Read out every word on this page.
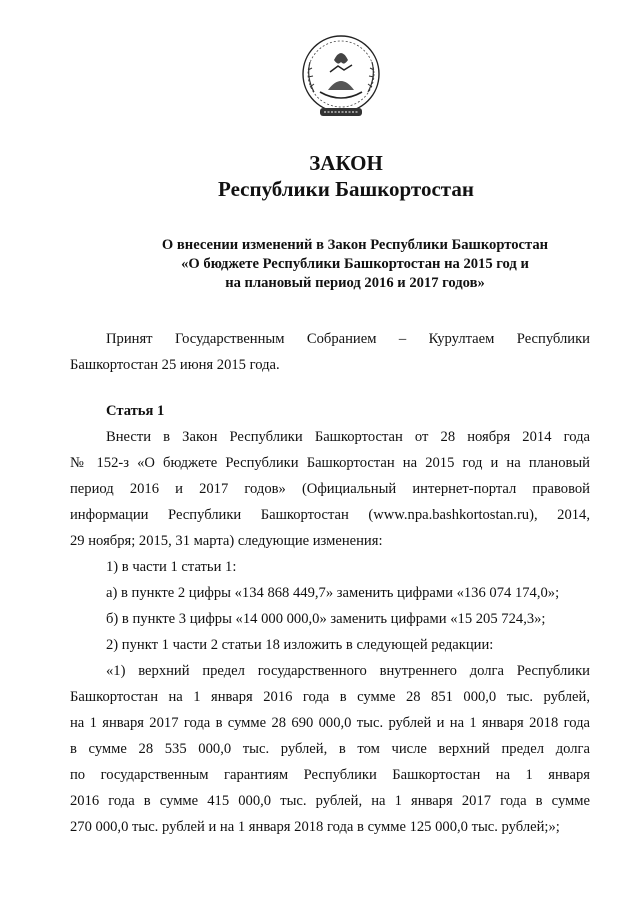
ЗАКОН
Республики Башкортостан
О внесении изменений в Закон Республики Башкортостан
«О бюджете Республики Башкортостан на 2015 год и
на плановый период 2016 и 2017 годов»
Принят Государственным Собранием – Курултаем Республики
Башкортостан 25 июня 2015 года.
Статья 1
Внести в Закон Республики Башкортостан от 28 ноября 2014 года
№ 152-з «О бюджете Республики Башкортостан на 2015 год и на плановый
период 2016 и 2017 годов» (Официальный интернет-портал правовой
информации Республики Башкортостан (www.npa.bashkortostan.ru), 2014,
29 ноября; 2015, 31 марта) следующие изменения:
1) в части 1 статьи 1:
а) в пункте 2 цифры «134 868 449,7» заменить цифрами «136 074 174,0»;
б) в пункте 3 цифры «14 000 000,0» заменить цифрами «15 205 724,3»;
2) пункт 1 части 2 статьи 18 изложить в следующей редакции:
«1) верхний предел государственного внутреннего долга Республики
Башкортостан на 1 января 2016 года в сумме 28 851 000,0 тыс. рублей,
на 1 января 2017 года в сумме 28 690 000,0 тыс. рублей и на 1 января 2018 года
в сумме 28 535 000,0 тыс. рублей, в том числе верхний предел долга
по государственным гарантиям Республики Башкортостан на 1 января
2016 года в сумме 415 000,0 тыс. рублей, на 1 января 2017 года в сумме
270 000,0 тыс. рублей и на 1 января 2018 года в сумме 125 000,0 тыс. рублей;»;
